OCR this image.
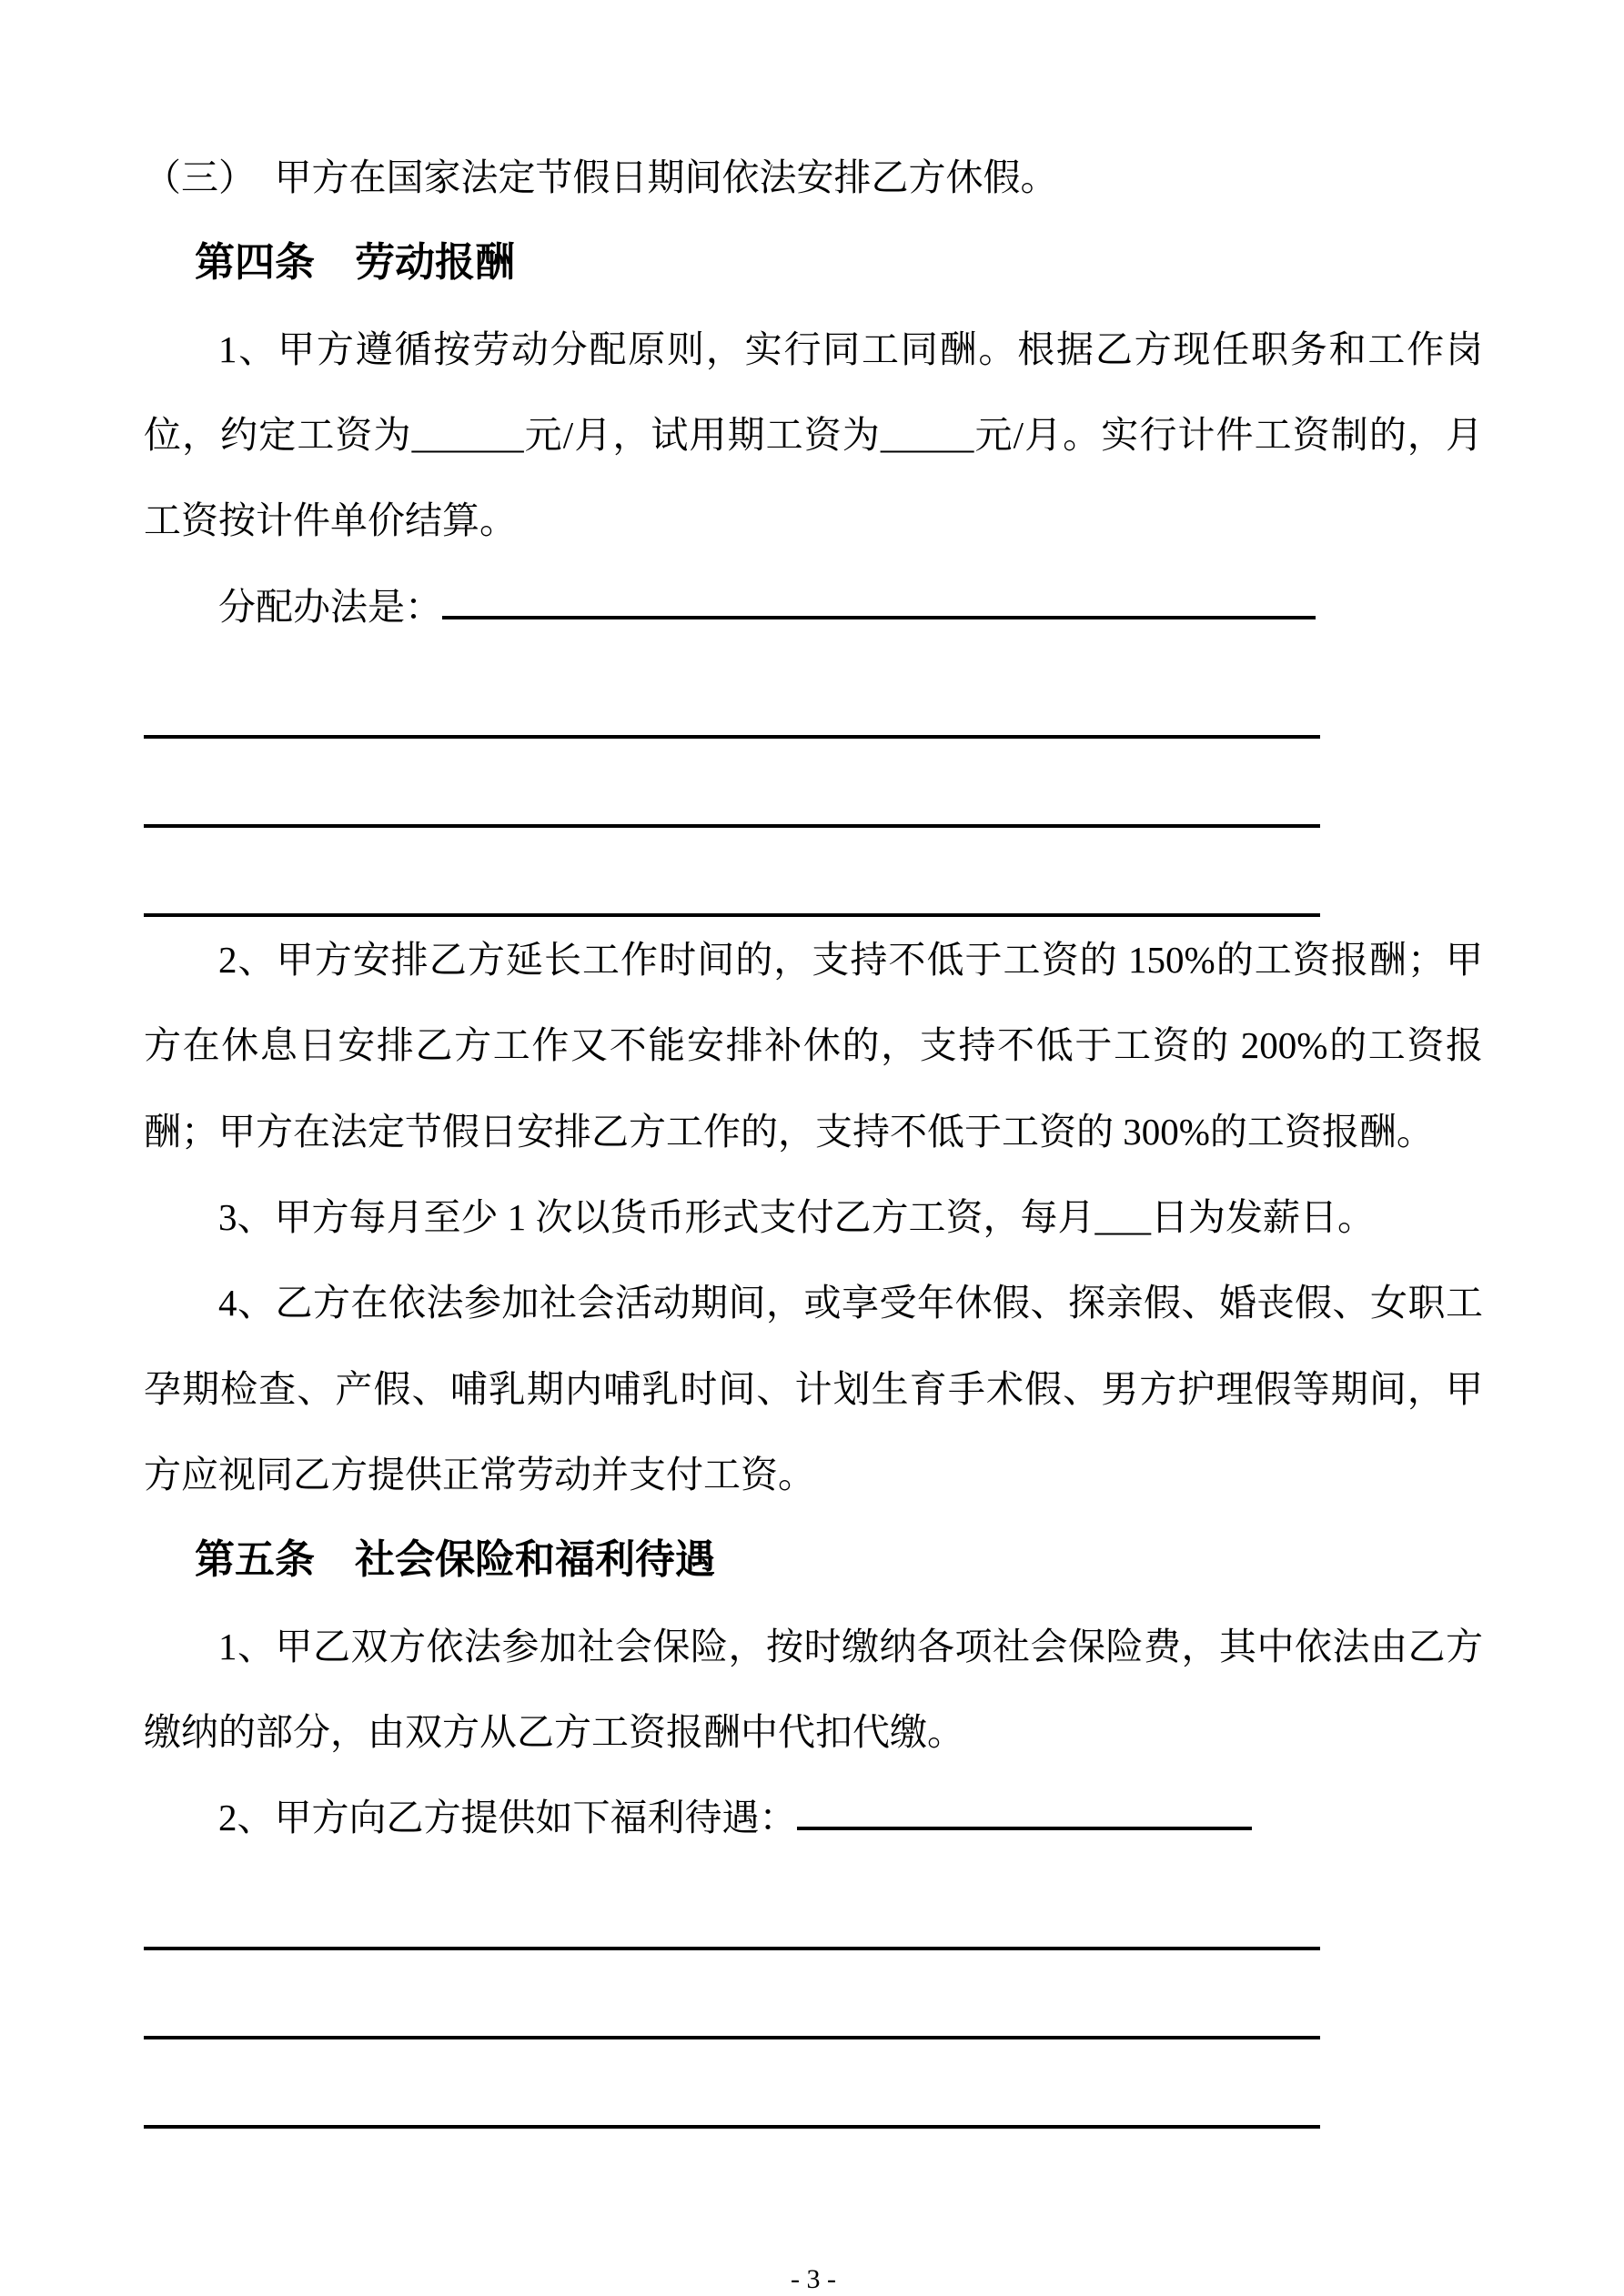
（三）　甲方在国家法定节假日期间依法安排乙方休假。

第四条　劳动报酬

1、甲方遵循按劳动分配原则，实行同工同酬。根据乙方现任职务和工作岗位，约定工资为______元/月，试用期工资为_____元/月。实行计件工资制的，月工资按计件单价结算。

分配办法是：

2、甲方安排乙方延长工作时间的，支持不低于工资的 150%的工资报酬；甲方在休息日安排乙方工作又不能安排补休的，支持不低于工资的 200%的工资报酬；甲方在法定节假日安排乙方工作的，支持不低于工资的 300%的工资报酬。

3、甲方每月至少 1 次以货币形式支付乙方工资，每月___日为发薪日。

4、乙方在依法参加社会活动期间，或享受年休假、探亲假、婚丧假、女职工孕期检查、产假、哺乳期内哺乳时间、计划生育手术假、男方护理假等期间，甲方应视同乙方提供正常劳动并支付工资。

第五条　社会保险和福利待遇

1、甲乙双方依法参加社会保险，按时缴纳各项社会保险费，其中依法由乙方缴纳的部分，由双方从乙方工资报酬中代扣代缴。

2、甲方向乙方提供如下福利待遇：

- 3 -
